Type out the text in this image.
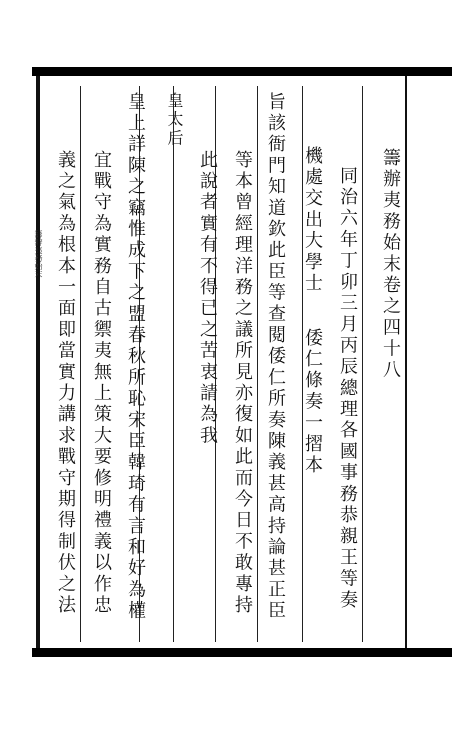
籌辦夷務始末卷之四十八
同治六年丁卯三月丙辰總理各國事務恭親王等奏
機處交出大學士
倭仁條奏一摺本
旨該衙門知道欽此臣等查閱倭仁所奏陳義甚高持論甚正臣
等本曾經理洋務之議所見亦復如此而今日不敢專持
此說者實有不得已之苦衷請為我
皇太后
皇上詳陳之竊惟成下之盟春秋所恥宋臣韓琦有言和好為權
宜戰守為實務自古禦夷無上策大要修明禮義以作忠
義之氣為根本一面即當實力講求戰守期得制伏之法
